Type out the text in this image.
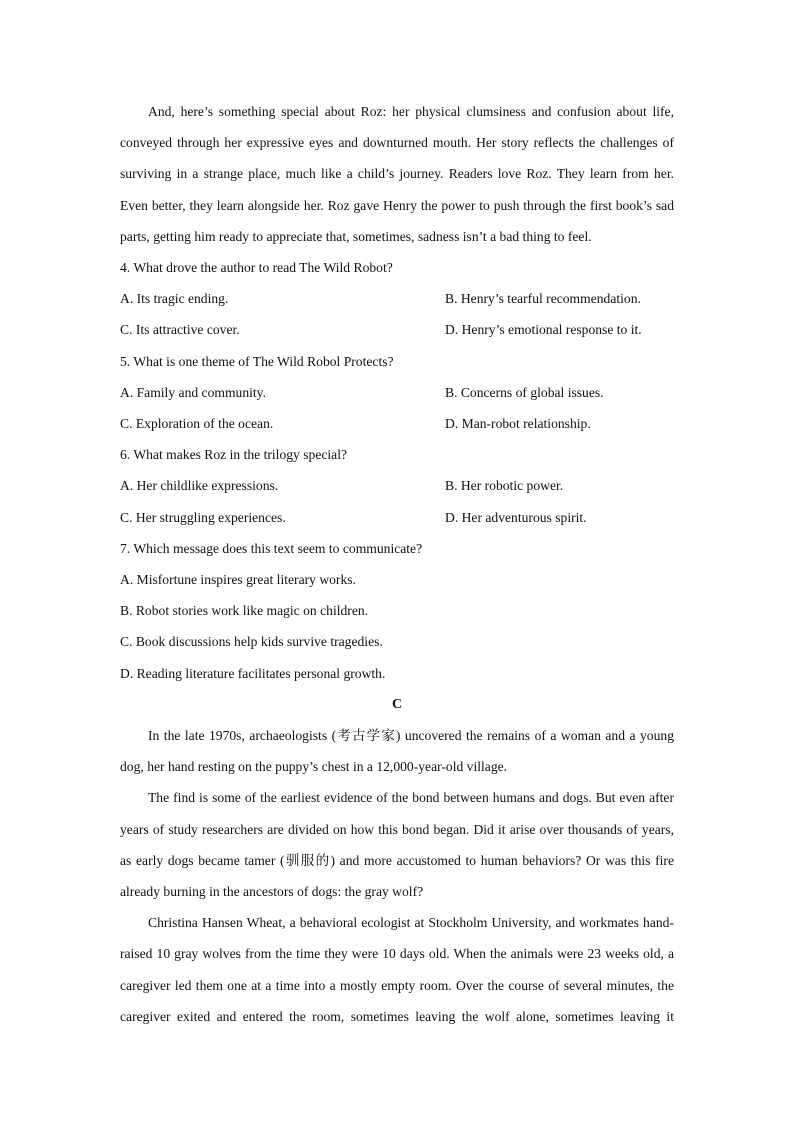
And, here’s something special about Roz: her physical clumsiness and confusion about life, conveyed through her expressive eyes and downturned mouth. Her story reflects the challenges of surviving in a strange place, much like a child’s journey. Readers love Roz. They learn from her. Even better, they learn alongside her. Roz gave Henry the power to push through the first book’s sad parts, getting him ready to appreciate that, sometimes, sadness isn’t a bad thing to feel.

4. What drove the author to read The Wild Robot?

A. Its tragic ending.	B. Henry’s tearful recommendation.
C. Its attractive cover.	D. Henry’s emotional response to it.

5. What is one theme of The Wild Robol Protects?

A. Family and community.	B. Concerns of global issues.
C. Exploration of the ocean.	D. Man-robot relationship.

6. What makes Roz in the trilogy special?

A. Her childlike expressions.	B. Her robotic power.
C. Her struggling experiences.	D. Her adventurous spirit.

7. Which message does this text seem to communicate?

A. Misfortune inspires great literary works.

B. Robot stories work like magic on children.

C. Book discussions help kids survive tragedies.

D. Reading literature facilitates personal growth.

C

In the late 1970s, archaeologists (考古学家) uncovered the remains of a woman and a young dog, her hand resting on the puppy’s chest in a 12,000-year-old village.

The find is some of the earliest evidence of the bond between humans and dogs. But even after years of study researchers are divided on how this bond began. Did it arise over thousands of years, as early dogs became tamer (驯服的) and more accustomed to human behaviors? Or was this fire already burning in the ancestors of dogs: the gray wolf?

Christina Hansen Wheat, a behavioral ecologist at Stockholm University, and workmates hand-raised 10 gray wolves from the time they were 10 days old. When the animals were 23 weeks old, a caregiver led them one at a time into a mostly empty room. Over the course of several minutes, the caregiver exited and entered the room, sometimes leaving the wolf alone, sometimes leaving it
